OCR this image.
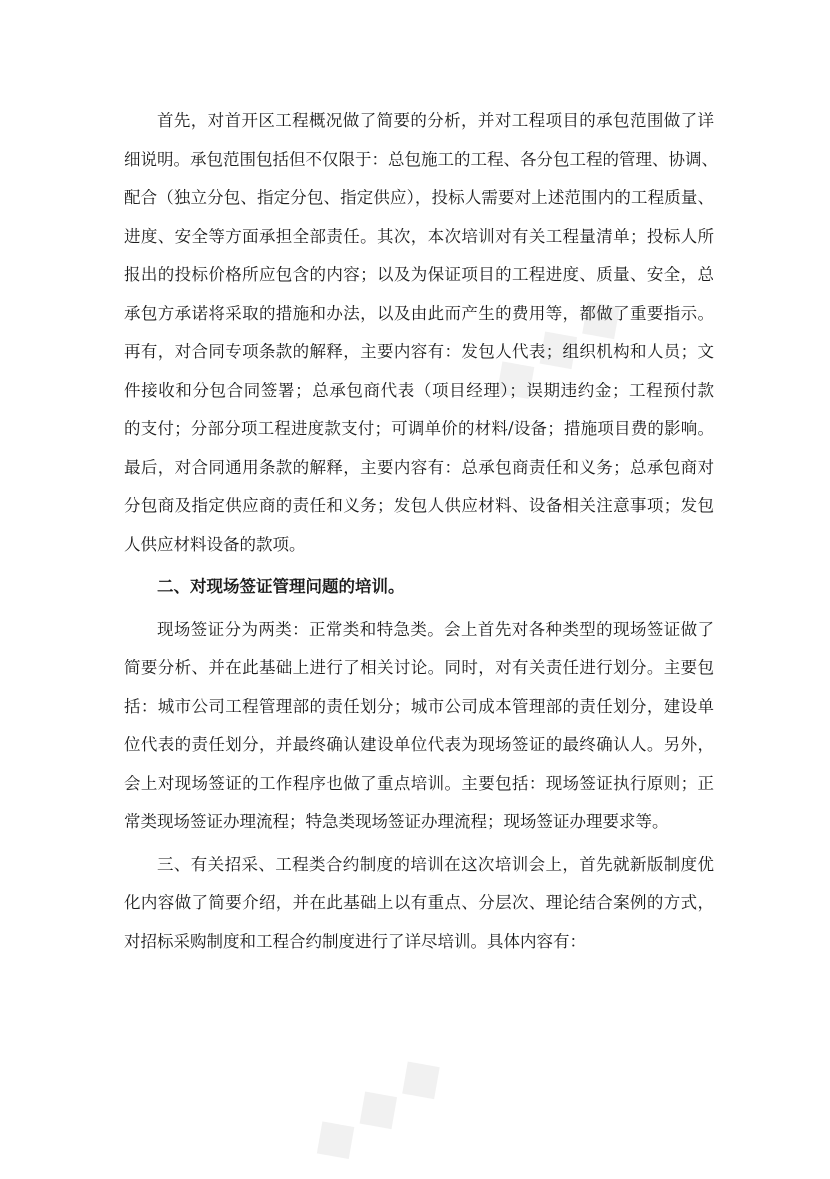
◆◆◆
◆◆◆
首先，对首开区工程概况做了简要的分析，并对工程项目的承包范围做了详
细说明。承包范围包括但不仅限于：总包施工的工程、各分包工程的管理、协调、
配合（独立分包、指定分包、指定供应），投标人需要对上述范围内的工程质量、
进度、安全等方面承担全部责任。其次，本次培训对有关工程量清单；投标人所
报出的投标价格所应包含的内容；以及为保证项目的工程进度、质量、安全，总
承包方承诺将采取的措施和办法，以及由此而产生的费用等，都做了重要指示。
再有，对合同专项条款的解释，主要内容有：发包人代表；组织机构和人员；文
件接收和分包合同签署；总承包商代表（项目经理）；误期违约金；工程预付款
的支付；分部分项工程进度款支付；可调单价的材料/设备；措施项目费的影响。
最后，对合同通用条款的解释，主要内容有：总承包商责任和义务；总承包商对
分包商及指定供应商的责任和义务；发包人供应材料、设备相关注意事项；发包
人供应材料设备的款项。
二、对现场签证管理问题的培训。
现场签证分为两类：正常类和特急类。会上首先对各种类型的现场签证做了
简要分析、并在此基础上进行了相关讨论。同时，对有关责任进行划分。主要包
括：城市公司工程管理部的责任划分；城市公司成本管理部的责任划分，建设单
位代表的责任划分，并最终确认建设单位代表为现场签证的最终确认人。另外，
会上对现场签证的工作程序也做了重点培训。主要包括：现场签证执行原则；正
常类现场签证办理流程；特急类现场签证办理流程；现场签证办理要求等。
三、有关招采、工程类合约制度的培训在这次培训会上，首先就新版制度优
化内容做了简要介绍，并在此基础上以有重点、分层次、理论结合案例的方式，
对招标采购制度和工程合约制度进行了详尽培训。具体内容有：
